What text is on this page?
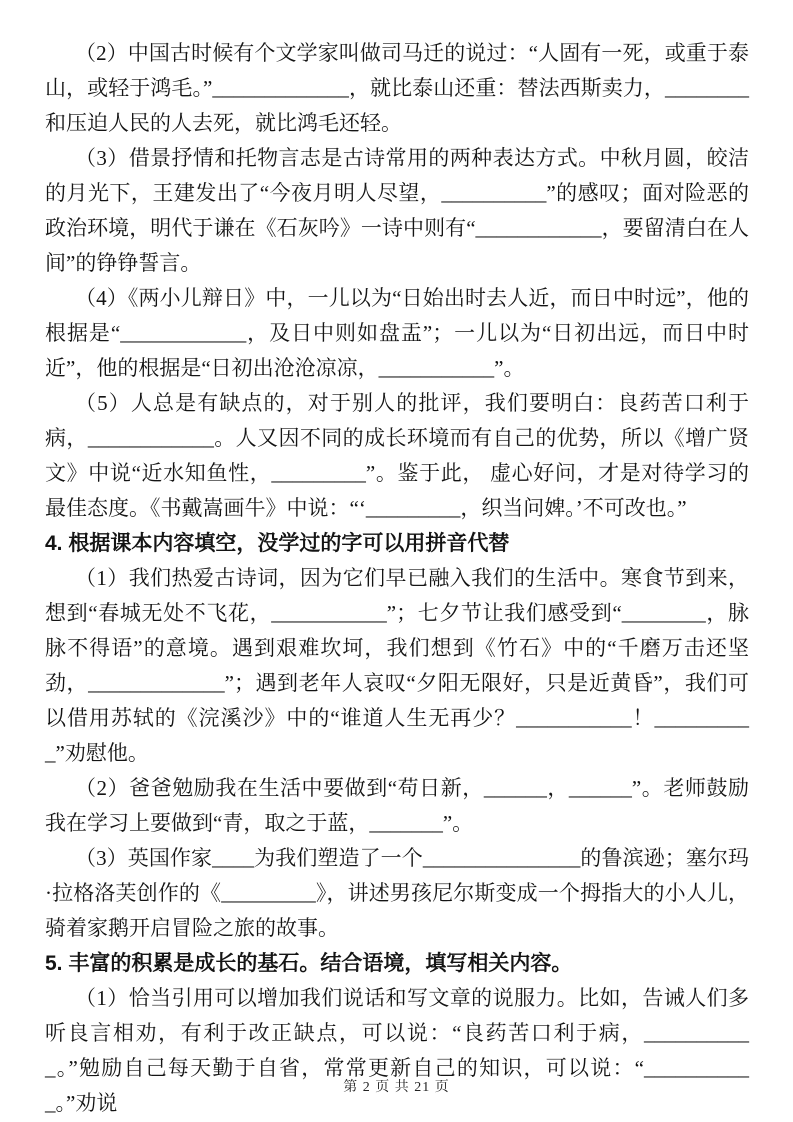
（2）中国古时候有个文学家叫做司马迁的说过：“人固有一死，或重于泰山，或轻于鸿毛。”_____________，就比泰山还重：替法西斯卖力，________和压迫人民的人去死，就比鸿毛还轻。
（3）借景抒情和托物言志是古诗常用的两种表达方式。中秋月圆，皎洁的月光下，王建发出了“今夜月明人尽望，__________”的感叹；面对险恶的政治环境，明代于谦在《石灰吟》一诗中则有“____________，要留清白在人间”的铮铮誓言。
（4）《两小儿辩日》中，一儿以为“日始出时去人近，而日中时远”，他的根据是“____________，及日中则如盘盂”；一儿以为“日初出远，而日中时近”，他的根据是“日初出沧沧凉凉，___________”。
（5）人总是有缺点的，对于别人的批评，我们要明白：良药苦口利于病，____________。人又因不同的成长环境而有自己的优势，所以《增广贤文》中说“近水知鱼性，_________”。鉴于此， 虚心好问，才是对待学习的最佳态度。《书戴嵩画牛》中说：“‘_________，织当问婢。’不可改也。”
4. 根据课本内容填空，没学过的字可以用拼音代替
（1）我们热爱古诗词，因为它们早已融入我们的生活中。寒食节到来，想到“春城无处不飞花，___________”；七夕节让我们感受到“________，脉脉不得语”的意境。遇到艰难坎坷，我们想到《竹石》中的“千磨万击还坚劲，_____________”；遇到老年人哀叹“夕阳无限好，只是近黄昏”，我们可以借用苏轼的《浣溪沙》中的“谁道人生无再少？___________！__________”劝慰他。
（2）爸爸勉励我在生活中要做到“苟日新，______，______”。老师鼓励我在学习上要做到“青，取之于蓝，_______”。
（3）英国作家____为我们塑造了一个_______________的鲁滨逊；塞尔玛·拉格洛芙创作的《_________》，讲述男孩尼尔斯变成一个拇指大的小人儿，骑着家鹅开启冒险之旅的故事。
5. 丰富的积累是成长的基石。结合语境，填写相关内容。
（1）恰当引用可以增加我们说话和写文章的说服力。比如，告诫人们多听良言相劝，有利于改正缺点，可以说：“良药苦口利于病，___________。”勉励自己每天勤于自省，常常更新自己的知识，可以说：“___________。”劝说
第 2 页 共 21 页
